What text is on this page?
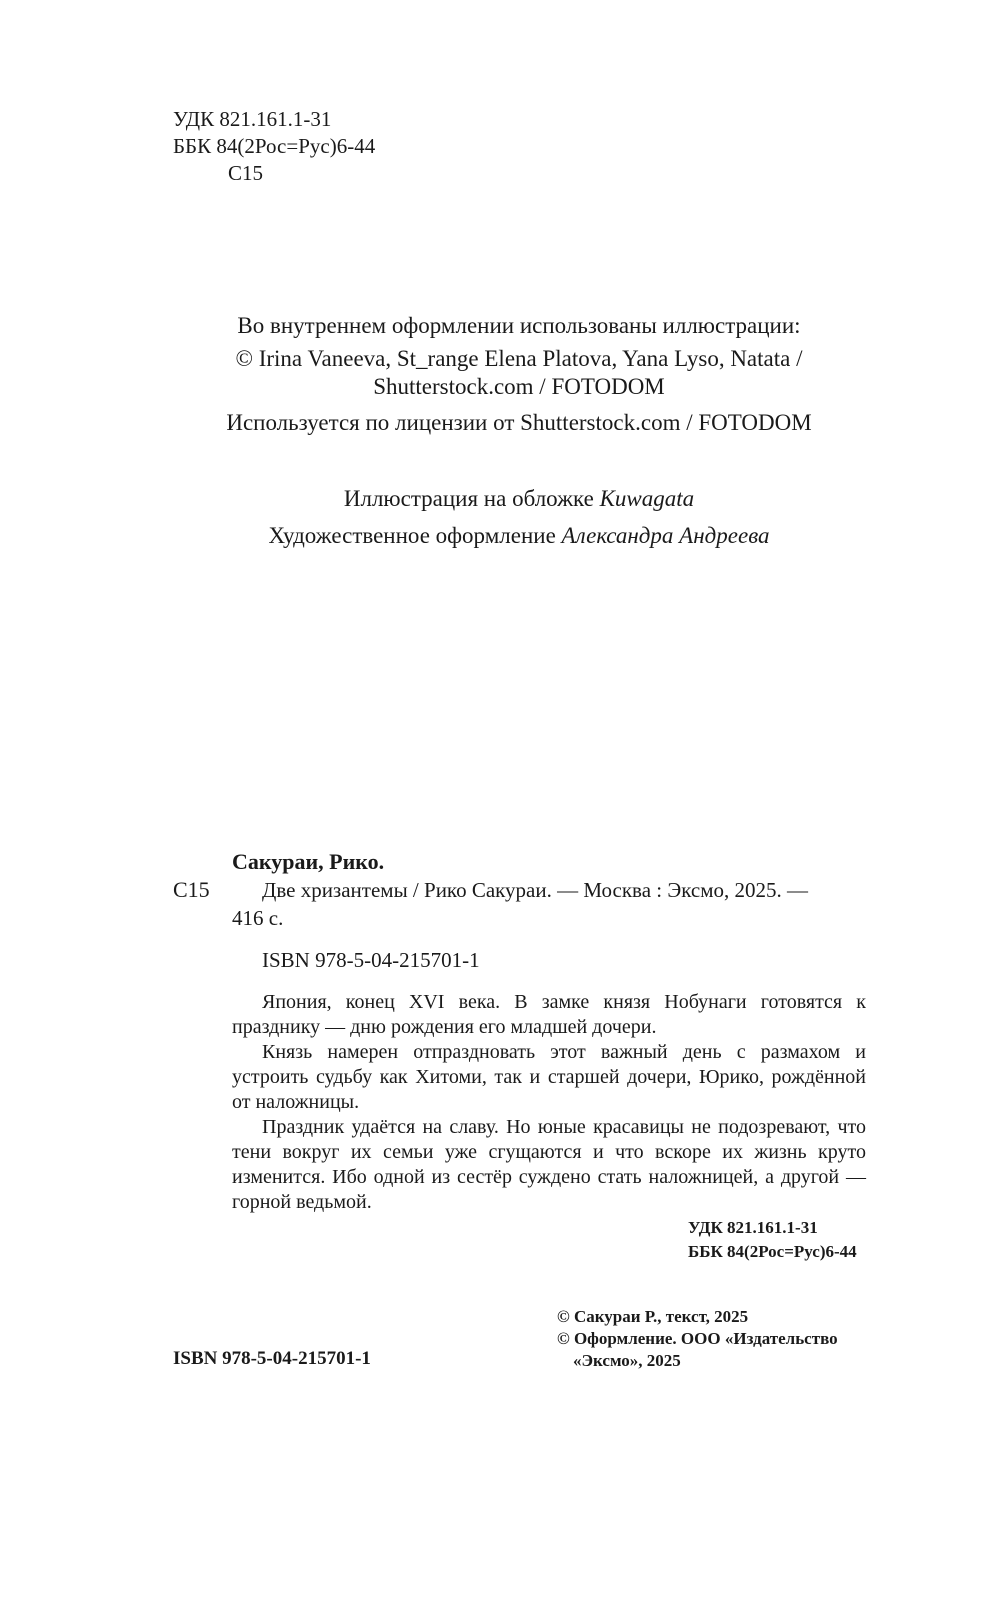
УДК 821.161.1-31
ББК 84(2Рос=Рус)6-44
С15
Во внутреннем оформлении использованы иллюстрации:
© Irina Vaneeva, St_range Elena Platova, Yana Lyso, Natata /
Shutterstock.com / FOTODOM
Используется по лицензии от Shutterstock.com / FOTODOM
Иллюстрация на обложке Kuwagata
Художественное оформление Александра Андреева
Сакураи, Рико.
С15	Две хризантемы / Рико Сакураи. — Москва : Эксмо, 2025. —
416 с.
ISBN 978-5-04-215701-1

Япония, конец XVI века. В замке князя Нобунаги готовятся к празднику — дню рождения его младшей дочери.

Князь намерен отпраздновать этот важный день с размахом и устроить судьбу как Хитоми, так и старшей дочери, Юрико, рождённой от наложницы.

Праздник удаётся на славу. Но юные красавицы не подозревают, что тени вокруг их семьи уже сгущаются и что вскоре их жизнь круто изменится. Ибо одной из сестёр суждено стать наложницей, а другой — горной ведьмой.

УДК 821.161.1-31
ББК 84(2Рос=Рус)6-44
© Сакураи Р., текст, 2025
© Оформление. ООО «Издательство
«Эксмо», 2025
ISBN 978-5-04-215701-1
